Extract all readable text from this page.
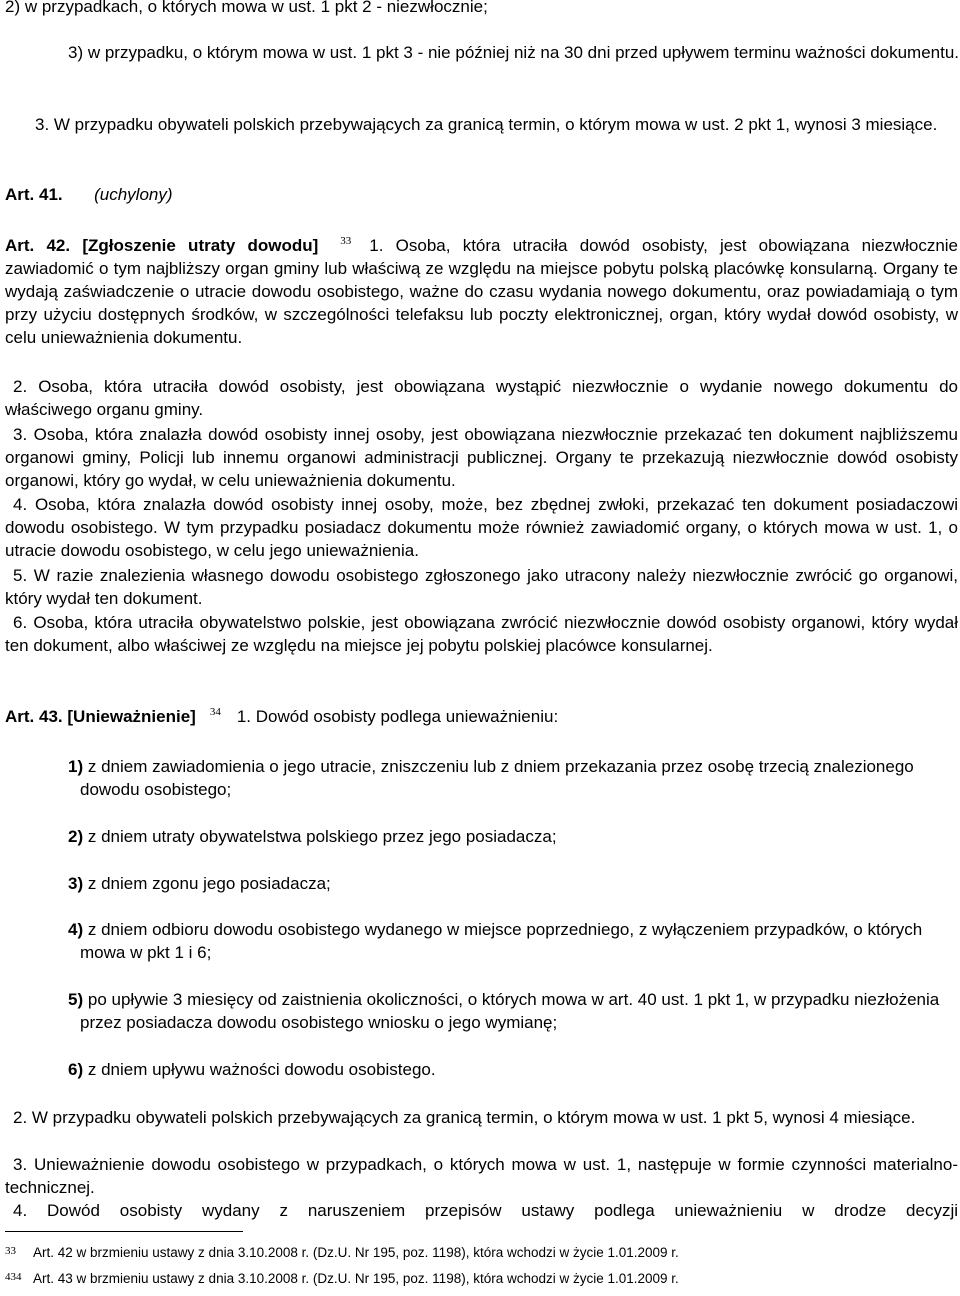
2) w przypadkach, o których mowa w ust. 1 pkt 2 - niezwłocznie;

3) w przypadku, o którym mowa w ust. 1 pkt 3 - nie później niż na 30 dni przed upływem terminu ważności dokumentu.

3. W przypadku obywateli polskich przebywających za granicą termin, o którym mowa w ust. 2 pkt 1, wynosi 3 miesiące.

Art. 41. (uchylony)

Art. 42. [Zgłoszenie utraty dowodu] $^{33}$ 1. Osoba, która utraciła dowód osobisty, jest obowiązana niezwłocznie zawiadomić o tym najbliższy organ gminy lub właściwą ze względu na miejsce pobytu polską placówkę konsularną. Organy te wydają zaświadczenie o utracie dowodu osobistego, ważne do czasu wydania nowego dokumentu, oraz powiadamiają o tym przy użyciu dostępnych środków, w szczególności telefaksu lub poczty elektronicznej, organ, który wydał dowód osobisty, w celu unieważnienia dokumentu.

2. Osoba, która utraciła dowód osobisty, jest obowiązana wystąpić niezwłocznie o wydanie nowego dokumentu do właściwego organu gminy.

3. Osoba, która znalazła dowód osobisty innej osoby, jest obowiązana niezwłocznie przekazać ten dokument najbliższemu organowi gminy, Policji lub innemu organowi administracji publicznej. Organy te przekazują niezwłocznie dowód osobisty organowi, który go wydał, w celu unieważnienia dokumentu.

4. Osoba, która znalazła dowód osobisty innej osoby, może, bez zbędnej zwłoki, przekazać ten dokument posiadaczowi dowodu osobistego. W tym przypadku posiadacz dokumentu może również zawiadomić organy, o których mowa w ust. 1, o utracie dowodu osobistego, w celu jego unieważnienia.

5. W razie znalezienia własnego dowodu osobistego zgłoszonego jako utracony należy niezwłocznie zwrócić go organowi, który wydał ten dokument.

6. Osoba, która utraciła obywatelstwo polskie, jest obowiązana zwrócić niezwłocznie dowód osobisty organowi, który wydał ten dokument, albo właściwej ze względu na miejsce jej pobytu polskiej placówce konsularnej.

Art. 43. [Unieważnienie] $^{34}$ 1. Dowód osobisty podlega unieważnieniu:

1) z dniem zawiadomienia o jego utracie, zniszczeniu lub z dniem przekazania przez osobę trzecią znalezionego dowodu osobistego;

2) z dniem utraty obywatelstwa polskiego przez jego posiadacza;

3) z dniem zgonu jego posiadacza;

4) z dniem odbioru dowodu osobistego wydanego w miejsce poprzedniego, z wyłączeniem przypadków, o których mowa w pkt 1 i 6;

5) po upływie 3 miesięcy od zaistnienia okoliczności, o których mowa w art. 40 ust. 1 pkt 1, w przypadku niezłożenia przez posiadacza dowodu osobistego wniosku o jego wymianę;

6) z dniem upływu ważności dowodu osobistego.

2. W przypadku obywateli polskich przebywających za granicą termin, o którym mowa w ust. 1 pkt 5, wynosi 4 miesiące.

3. Unieważnienie dowodu osobistego w przypadkach, o których mowa w ust. 1, następuje w formie czynności materialno-technicznej.

4. Dowód osobisty wydany z naruszeniem przepisów ustawy podlega unieważnieniu w drodze decyzji

33 Art. 42 w brzmieniu ustawy z dnia 3.10.2008 r. (Dz.U. Nr 195, poz. 1198), która wchodzi w życie 1.01.2009 r.
434 Art. 43 w brzmieniu ustawy z dnia 3.10.2008 r. (Dz.U. Nr 195, poz. 1198), która wchodzi w życie 1.01.2009 r.
